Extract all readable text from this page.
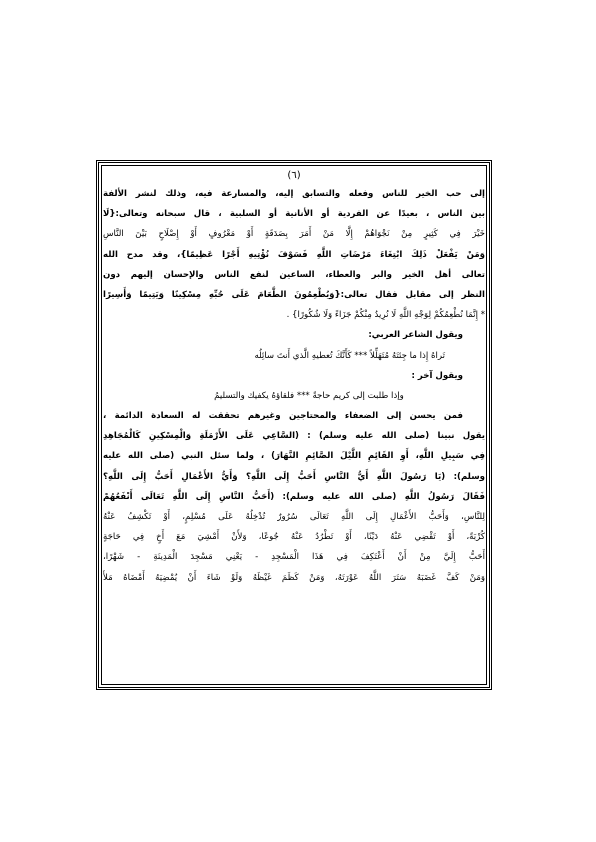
(٦)
إلى حب الخير للناس وفعله والتسابق إليه، والمسارعة فيه، وذلك لنشر الألفة
بين الناس ، بعيدًا عن الفردية أو الأنانية أو السلبية ، قال سبحانه وتعالى:{لَا
خَيْرَ فِي كَثِيرٍ مِنْ نَجْوَاهُمْ إِلَّا مَنْ أَمَرَ بِصَدَقَةٍ أَوْ مَعْرُوفٍ أَوْ إِصْلَاحٍ بَيْنَ النَّاسِ
وَمَنْ يَفْعَلْ ذَلِكَ ابْتِغَاءَ مَرْضَاتِ اللَّهِ فَسَوْفَ نُؤْتِيهِ أَجْرًا عَظِيمًا}، وقد مدح الله
تعالى أهل الخير والبر والعطاء، الساعين لنفع الناس والإحسان إليهم دون
النظر إلى مقابل فقال تعالى:{وَيُطْعِمُونَ الطَّعَامَ عَلَى حُبِّهِ مِسْكِينًا وَيَتِيمًا وَأَسِيرًا
* إِنَّمَا نُطْعِمُكُمْ لِوَجْهِ اللَّهِ لَا نُرِيدُ مِنْكُمْ جَزَاءً وَلَا شُكُورًا} .
ويقول الشاعر العربي:
تَراهُ إِذا ما جِئتَهُ مُتَهَلِّلاً *** كَأَنَّكَ تُعطيهِ الَّذي أَنتَ سائِلُه
ويقول آخر :
وإذا طلبت إلى كريم حاجةً *** فلقاؤهُ يكفيك والتسليمُ
فمن يحسن إلى الضعفاء والمحتاجين وغيرهم تحققت له السعادة الدائمة ،
يقول نبينا (صلى الله عليه وسلم) : (السَّاعِي عَلَى الأَرْمَلَةِ وَالْمِسْكِينِ كَالْمُجَاهِدِ
فِي سَبِيلِ اللَّهِ، أَوِ القَائِمِ اللَّيْلَ الصَّائِمِ النَّهَارَ) ، ولما سئل النبي (صلى الله عليه
وسلم): (يَا رَسُولَ اللَّهِ أَيُّ النَّاسِ أَحَبُّ إِلَى اللَّهِ؟ وَأَيُّ الأَعْمَالِ أَحَبُّ إِلَى اللَّهِ؟
فَقَالَ رَسُولُ اللَّهِ (صلى الله عليه وسلم): (أَحَبُّ النَّاسِ إِلَى اللَّهِ تَعَالَى أَنْفَعُهُمْ
لِلنَّاسِ، وَأَحَبُّ الأَعْمَالِ إِلَى اللَّهِ تَعَالَى سُرُورٌ تُدْخِلُهُ عَلَى مُسْلِمٍ، أَوْ تَكْشِفُ عَنْهُ
كُرْبَةً، أَوْ تَقْضِي عَنْهُ دَيْنًا، أَوْ تَطْرُدُ عَنْهُ جُوعًا، وَلأَنْ أَمْشِيَ مَعَ أَخٍ فِي حَاجَةٍ
أَحَبُّ إِلَيَّ مِنْ أَنْ أَعْتَكِفَ فِي هَذَا الْمَسْجِدِ - يَعْنِي مَسْجِدَ الْمَدِينَةِ - شَهْرًا،
وَمَنْ كَفَّ غَضَبَهُ سَتَرَ اللَّهُ عَوْرَتَهُ، وَمَنْ كَظَمَ غَيْظَهُ وَلَوْ شَاءَ أَنْ يُمْضِيَهُ أَمْضَاهُ مَلأَ
